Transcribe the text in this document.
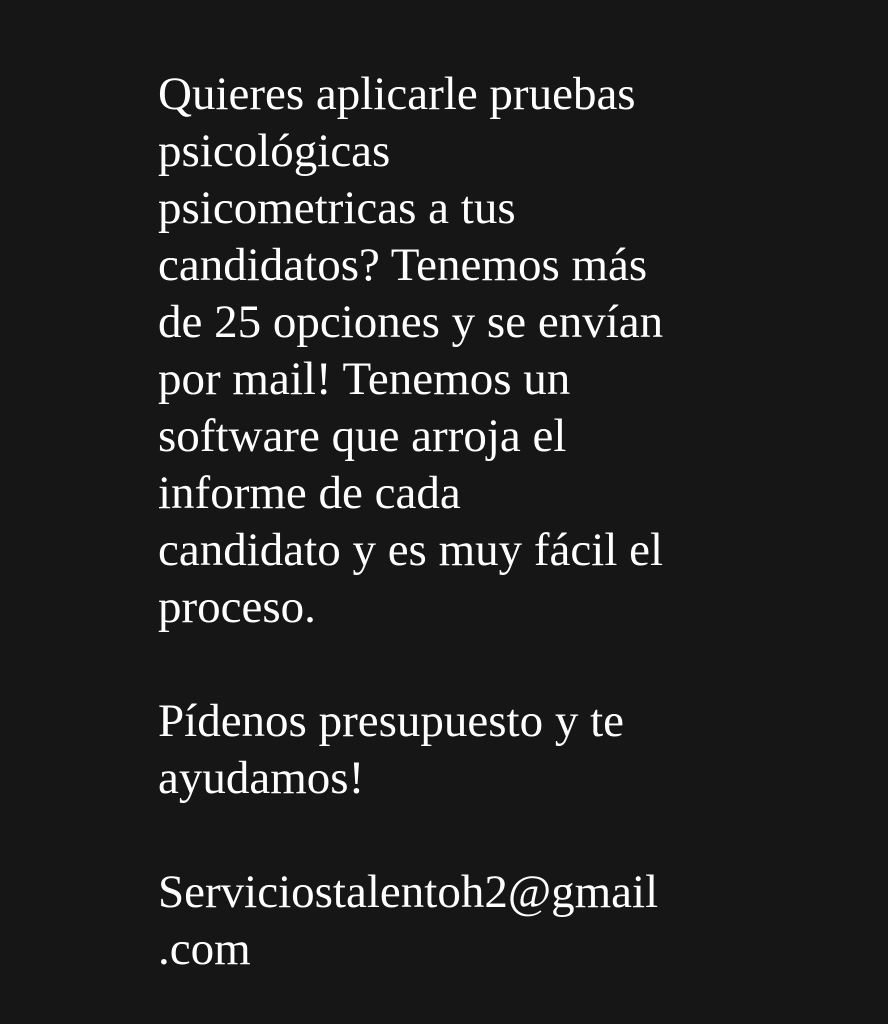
Quieres aplicarle pruebas
psicológicas
psicometricas a tus
candidatos? Tenemos más
de 25 opciones y se envían
por mail! Tenemos un
software que arroja el
informe de cada
candidato y es muy fácil el
proceso.
Pídenos presupuesto y te
ayudamos!
Serviciostalentoh2@gmail
.com
